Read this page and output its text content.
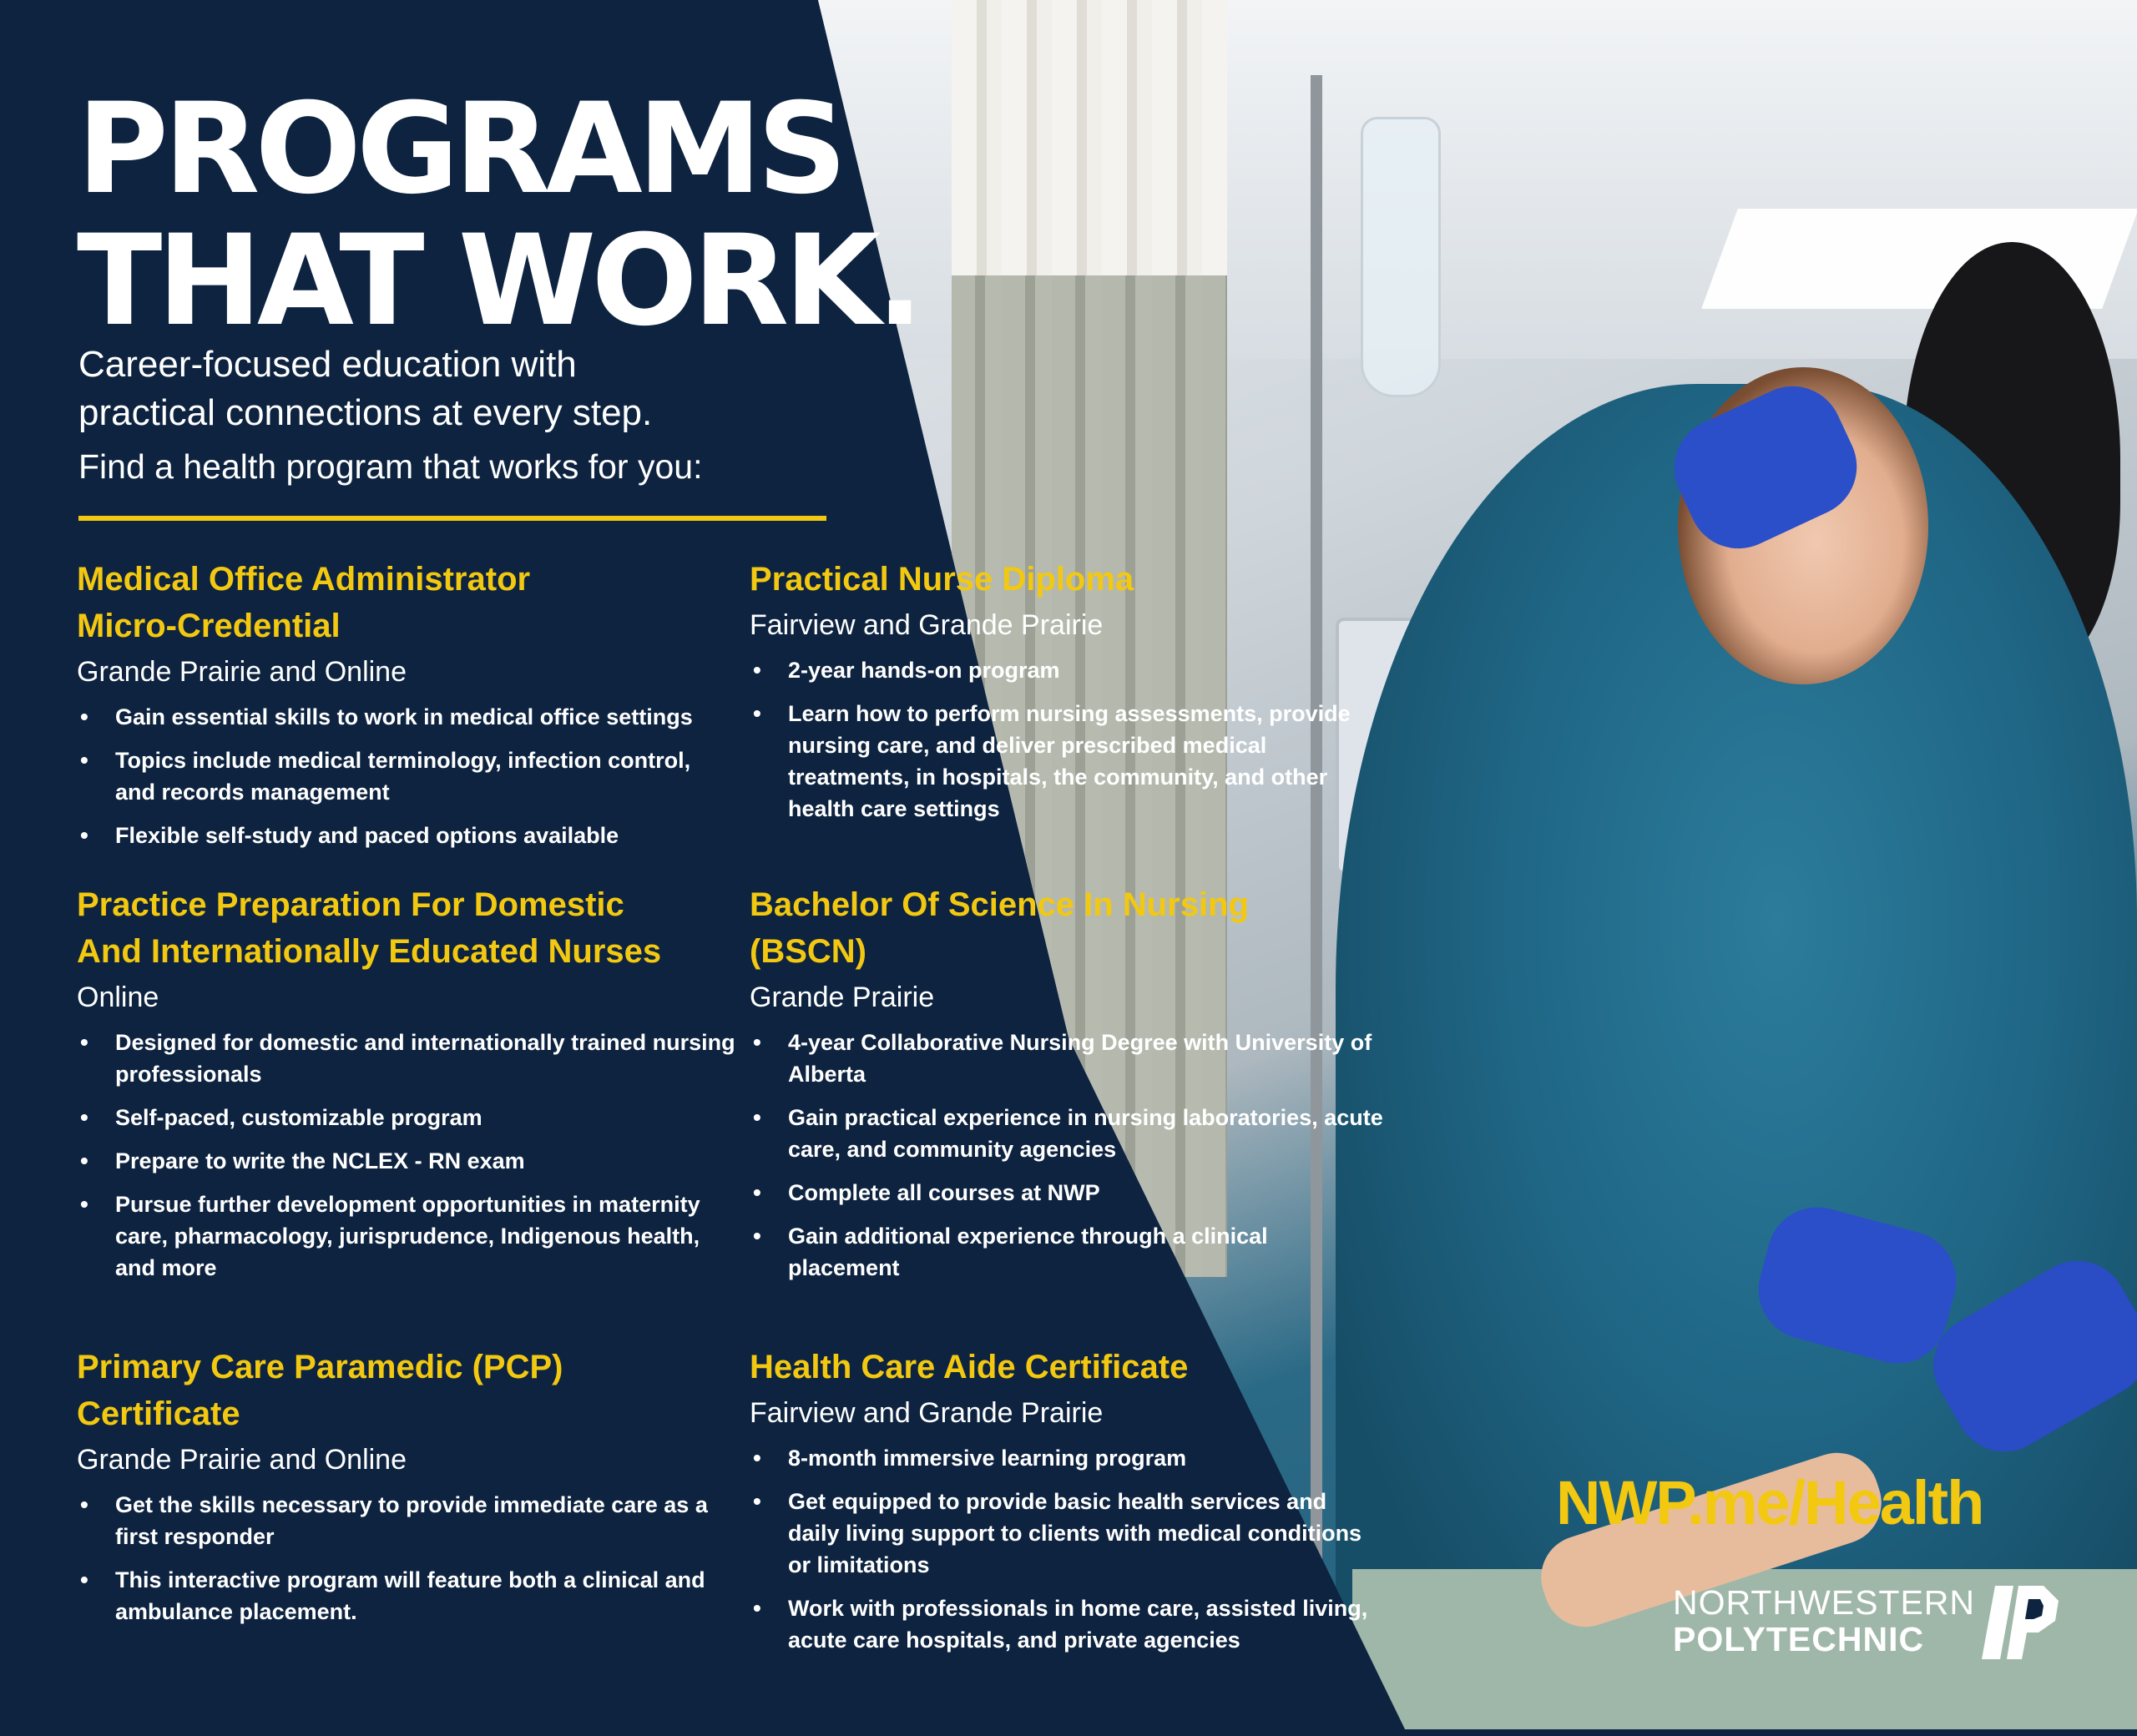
PROGRAMS
THAT WORK.
Career-focused education with
practical connections at every step.
Find a health program that works for you:
Medical Office Administrator
Micro-Credential
Grande Prairie and Online
• Gain essential skills to work in medical office settings
• Topics include medical terminology, infection control, and records management
• Flexible self-study and paced options available
Practical Nurse Diploma
Fairview and Grande Prairie
• 2-year hands-on program
• Learn how to perform nursing assessments, provide nursing care, and deliver prescribed medical treatments, in hospitals, the community, and other health care settings
Practice Preparation For Domestic
And Internationally Educated Nurses
Online
• Designed for domestic and internationally trained nursing professionals
• Self-paced, customizable program
• Prepare to write the NCLEX - RN exam
• Pursue further development opportunities in maternity care, pharmacology, jurisprudence, Indigenous health, and more
Bachelor Of Science In Nursing
(BSCN)
Grande Prairie
• 4-year Collaborative Nursing Degree with University of Alberta
• Gain practical experience in nursing laboratories, acute care, and community agencies
• Complete all courses at NWP
• Gain additional experience through a clinical placement
Primary Care Paramedic (PCP)
Certificate
Grande Prairie and Online
• Get the skills necessary to provide immediate care as a first responder
• This interactive program will feature both a clinical and ambulance placement.
Health Care Aide Certificate
Fairview and Grande Prairie
• 8-month immersive learning program
• Get equipped to provide basic health services and daily living support to clients with medical conditions or limitations
• Work with professionals in home care, assisted living, acute care hospitals, and private agencies
NWP.me/Health
NORTHWESTERN
POLYTECHNIC
